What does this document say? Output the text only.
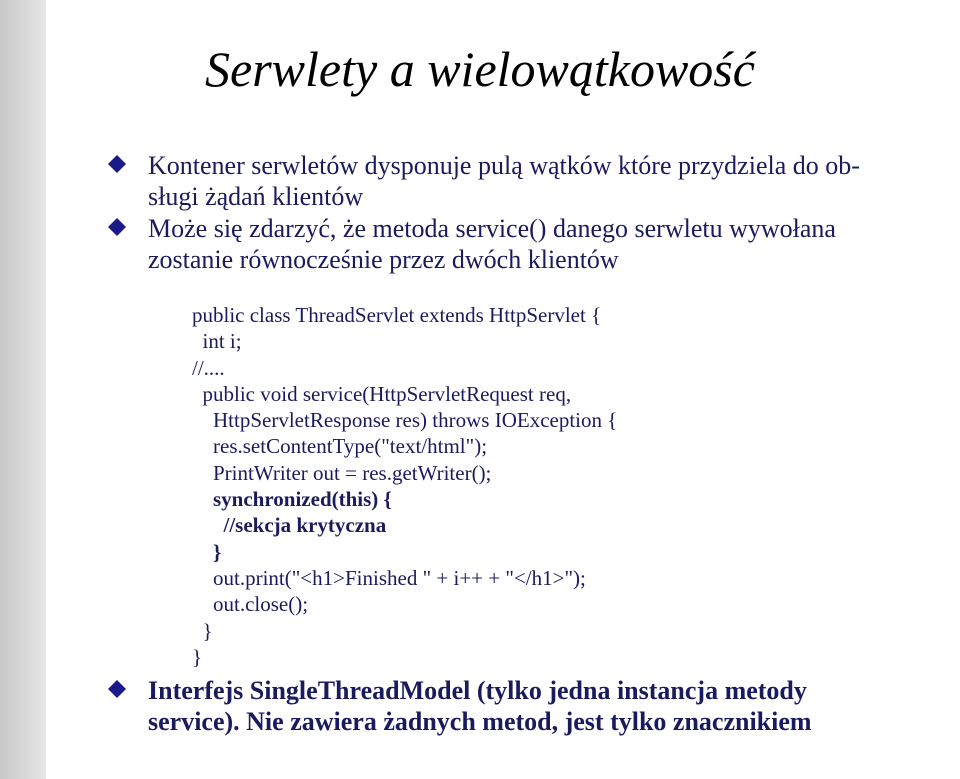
Serwlety a wielowątkowość
Kontener serwletów dysponuje pulą wątków które przydziela do ob-
sługi żądań klientów
Może się zdarzyć, że metoda service() danego serwletu wywołana
zostanie równocześnie przez dwóch klientów
public class ThreadServlet extends HttpServlet {
int i;
//....
public void service(HttpServletRequest req,
HttpServletResponse res) throws IOException {
res.setContentType("text/html");
PrintWriter out = res.getWriter();
synchronized(this) {
//sekcja krytyczna
}
out.print("<h1>Finished " + i++ + "</h1>");
out.close();
}
}
Interfejs SingleThreadModel (tylko jedna instancja metody
service). Nie zawiera żadnych metod, jest tylko znacznikiem
